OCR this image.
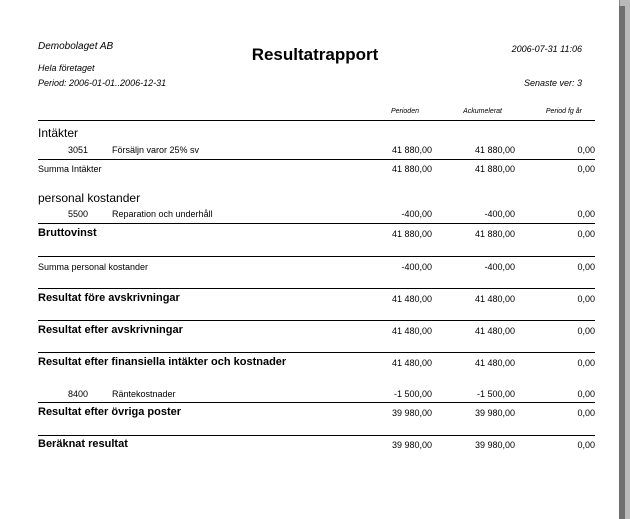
Demobolaget AB	Resultatrapport	2006-07-31 11:06
Hela företaget
Period: 2006-01-01..2006-12-31	Senaste ver: 3
Perioden	Ackumelerat	Period fg år
Intäkter
3051	Försäljn varor 25% sv	41 880,00	41 880,00	0,00
Summa Intäkter	41 880,00	41 880,00	0,00
personal kostander
5500	Reparation och underhåll	-400,00	-400,00	0,00
Bruttovinst	41 880,00	41 880,00	0,00
Summa personal kostander	-400,00	-400,00	0,00
Resultat före avskrivningar	41 480,00	41 480,00	0,00
Resultat efter avskrivningar	41 480,00	41 480,00	0,00
Resultat efter finansiella intäkter och kostnader	41 480,00	41 480,00	0,00
8400	Räntekostnader	-1 500,00	-1 500,00	0,00
Resultat efter övriga poster	39 980,00	39 980,00	0,00
Beräknat resultat	39 980,00	39 980,00	0,00
